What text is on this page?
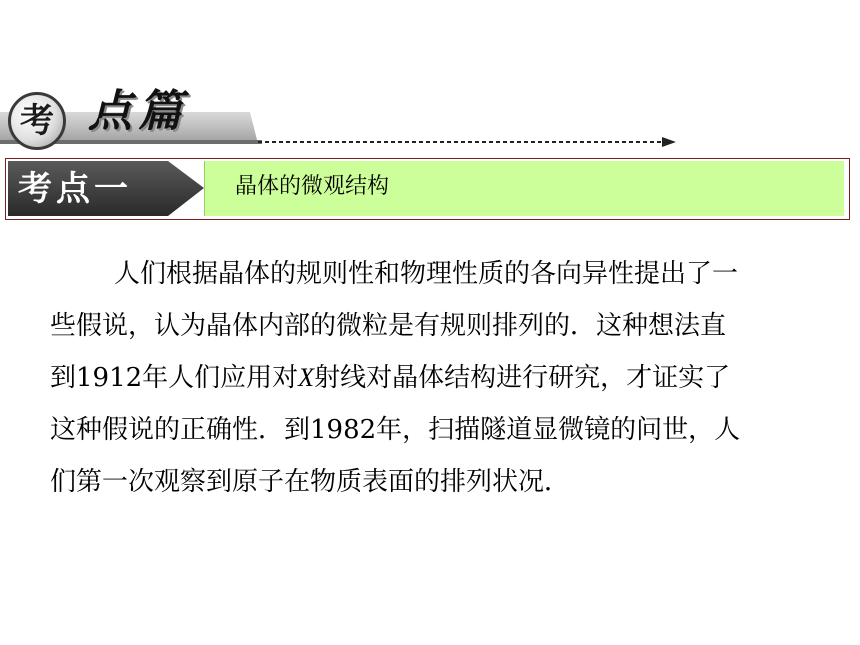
考 点篇
考点一	晶体的微观结构
人们根据晶体的规则性和物理性质的各向异性提出了一
些假说，认为晶体内部的微粒是有规则排列的．这种想法直
到1912年人们应用对X射线对晶体结构进行研究，才证实了
这种假说的正确性．到1982年，扫描隧道显微镜的问世，人
们第一次观察到原子在物质表面的排列状况．
